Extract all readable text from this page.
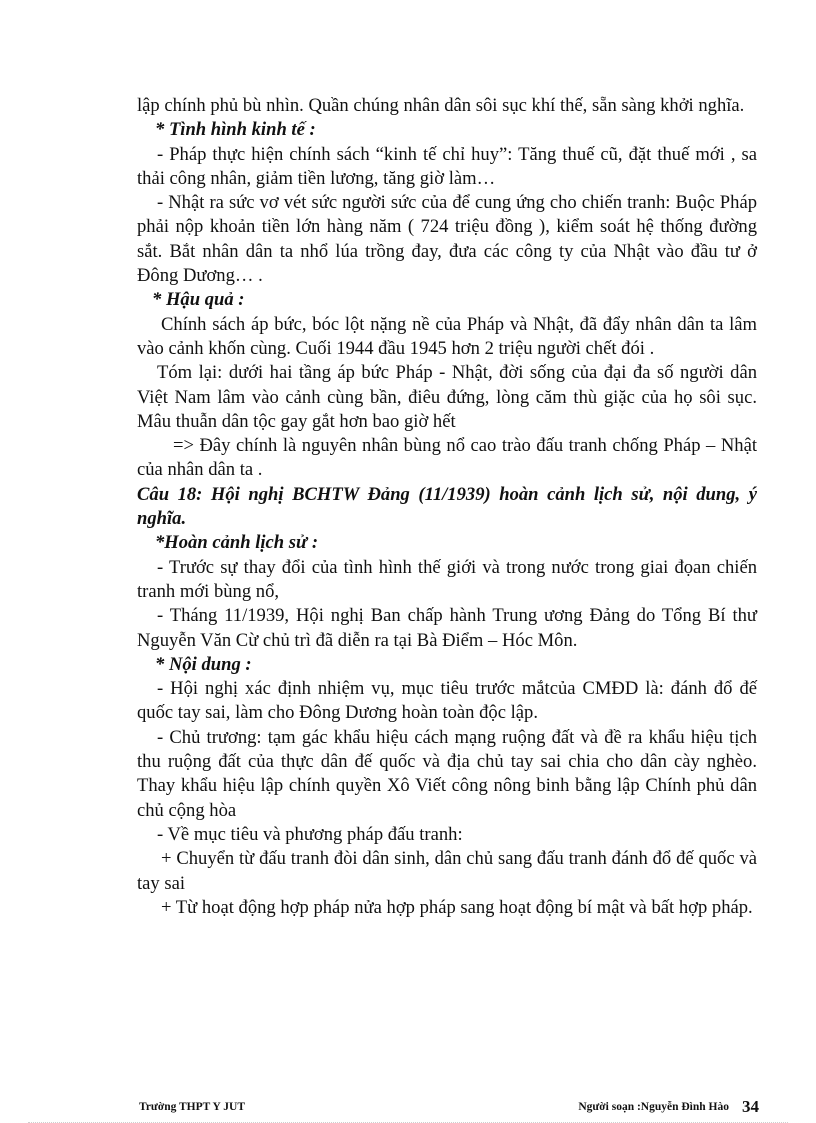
lập chính phủ bù nhìn. Quần chúng nhân dân sôi sục khí thế, sẵn sàng khởi nghĩa.

* Tình hình kinh tế :

- Pháp thực hiện chính sách “kinh tế chỉ huy”: Tăng thuế cũ, đặt thuế mới , sa thải công nhân, giảm tiền lương, tăng giờ làm…

- Nhật ra sức vơ vét sức người sức của để cung ứng cho chiến tranh: Buộc Pháp phải nộp khoản tiền lớn hàng năm ( 724 triệu đồng ), kiểm soát hệ thống đường sắt. Bắt nhân dân ta nhổ lúa trồng đay, đưa các công ty của Nhật vào đầu tư ở Đông Dương… .

* Hậu quả :

Chính sách áp bức, bóc lột nặng nề của Pháp và Nhật, đã đẩy nhân dân ta lâm vào cảnh khốn cùng. Cuối 1944 đầu 1945 hơn 2 triệu người chết đói .

Tóm lại: dưới hai tầng áp bức Pháp - Nhật, đời sống của đại đa số người dân Việt Nam lâm vào cảnh cùng bần, điêu đứng, lòng căm thù giặc của họ sôi sục. Mâu thuẫn dân tộc gay gắt hơn bao giờ hết

=> Đây chính là nguyên nhân bùng nổ cao trào đấu tranh chống Pháp – Nhật của nhân dân ta .

Câu 18: Hội nghị BCHTW Đảng (11/1939) hoàn cảnh lịch sử, nội dung, ý nghĩa.

*Hoàn cảnh lịch sử :

- Trước sự thay đổi của tình hình thế giới và trong nước trong giai đọan chiến tranh mới bùng nổ,

- Tháng 11/1939, Hội nghị Ban chấp hành Trung ương Đảng do Tổng Bí thư Nguyễn Văn Cừ chủ trì đã diễn ra tại Bà Điểm – Hóc Môn.

* Nội dung :

- Hội nghị xác định nhiệm vụ, mục tiêu trước mắtcủa CMĐD là: đánh đổ đế quốc tay sai, làm cho Đông Dương hoàn toàn độc lập.

- Chủ trương: tạm gác khẩu hiệu cách mạng ruộng đất và đề ra khẩu hiệu tịch thu ruộng đất của thực dân đế quốc và địa chủ tay sai chia cho dân cày nghèo. Thay khẩu hiệu lập chính quyền Xô Viết công nông binh bằng lập Chính phủ dân chủ cộng hòa

- Về mục tiêu và phương pháp đấu tranh:

+ Chuyển từ đấu tranh đòi dân sinh, dân chủ sang đấu tranh đánh đổ đế quốc và tay sai

+ Từ hoạt động hợp pháp nửa hợp pháp sang hoạt động bí mật và bất hợp pháp.

Trường THPT Y JUT	Người soạn :Nguyễn Đình Hào 34
